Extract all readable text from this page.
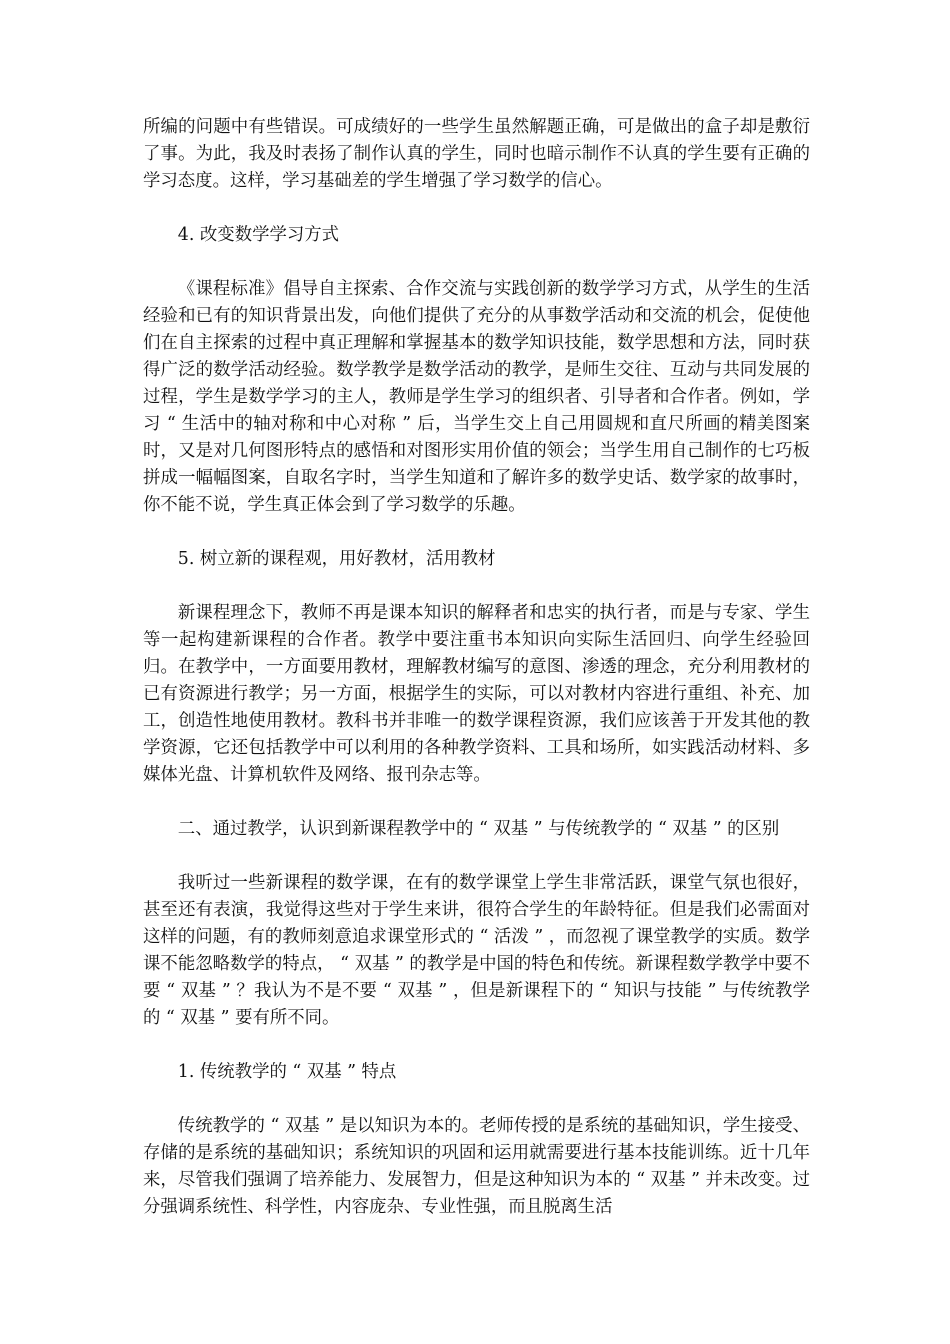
所编的问题中有些错误。可成绩好的一些学生虽然解题正确，可是做出的盒子却是敷衍了事。为此，我及时表扬了制作认真的学生，同时也暗示制作不认真的学生要有正确的学习态度。这样，学习基础差的学生增强了学习数学的信心。

4. 改变数学学习方式

《课程标准》倡导自主探索、合作交流与实践创新的数学学习方式，从学生的生活经验和已有的知识背景出发，向他们提供了充分的从事数学活动和交流的机会，促使他们在自主探索的过程中真正理解和掌握基本的数学知识技能，数学思想和方法，同时获得广泛的数学活动经验。数学教学是数学活动的教学，是师生交往、互动与共同发展的过程，学生是数学学习的主人，教师是学生学习的组织者、引导者和合作者。例如，学习 “ 生活中的轴对称和中心对称 ” 后，当学生交上自己用圆规和直尺所画的精美图案时，又是对几何图形特点的感悟和对图形实用价值的领会；当学生用自己制作的七巧板拼成一幅幅图案，自取名字时，当学生知道和了解许多的数学史话、数学家的故事时，你不能不说，学生真正体会到了学习数学的乐趣。

5. 树立新的课程观，用好教材，活用教材

新课程理念下，教师不再是课本知识的解释者和忠实的执行者，而是与专家、学生等一起构建新课程的合作者。教学中要注重书本知识向实际生活回归、向学生经验回归。在教学中，一方面要用教材，理解教材编写的意图、渗透的理念，充分利用教材的已有资源进行教学；另一方面，根据学生的实际，可以对教材内容进行重组、补充、加工，创造性地使用教材。教科书并非唯一的数学课程资源，我们应该善于开发其他的教学资源，它还包括教学中可以利用的各种教学资料、工具和场所，如实践活动材料、多媒体光盘、计算机软件及网络、报刊杂志等。

二、通过教学，认识到新课程教学中的 “ 双基 ” 与传统教学的 “ 双基 ” 的区别

我听过一些新课程的数学课，在有的数学课堂上学生非常活跃，课堂气氛也很好，甚至还有表演，我觉得这些对于学生来讲，很符合学生的年龄特征。但是我们必需面对这样的问题，有的教师刻意追求课堂形式的 “ 活泼 ” ，而忽视了课堂教学的实质。数学课不能忽略数学的特点， “ 双基 ” 的教学是中国的特色和传统。新课程数学教学中要不要 “ 双基 ” ？我认为不是不要 “ 双基 ” ，但是新课程下的 “ 知识与技能 ” 与传统教学的 “ 双基 ” 要有所不同。

1. 传统教学的 “ 双基 ” 特点

传统教学的 “ 双基 ” 是以知识为本的。老师传授的是系统的基础知识，学生接受、存储的是系统的基础知识；系统知识的巩固和运用就需要进行基本技能训练。近十几年来，尽管我们强调了培养能力、发展智力，但是这种知识为本的 “ 双基 ” 并未改变。过分强调系统性、科学性，内容庞杂、专业性强，而且脱离生活
